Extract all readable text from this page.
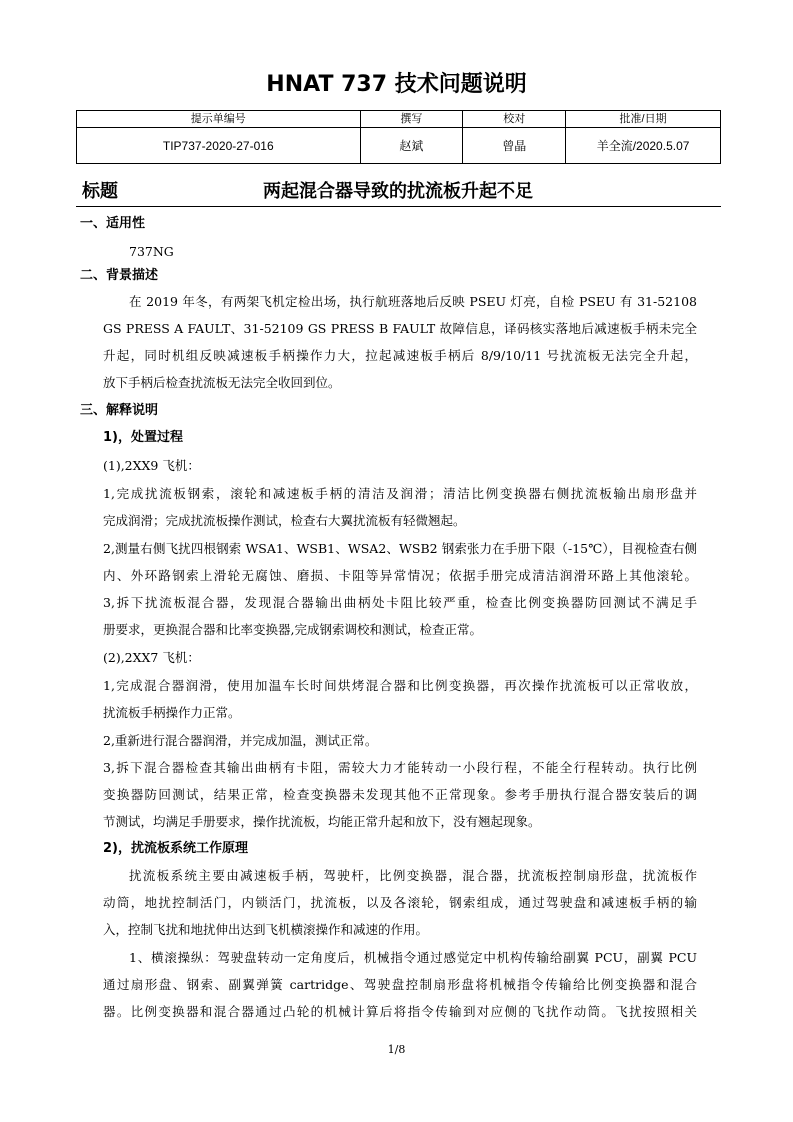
HNAT 737 技术问题说明
提示单编号	撰写	校对	批准/日期
TIP737-2020-27-016	赵斌	曾晶	羊全流/2020.5.07
标题	两起混合器导致的扰流板升起不足
一、适用性
737NG
二、背景描述
在 2019 年冬，有两架飞机定检出场，执行航班落地后反映 PSEU 灯亮，自检 PSEU 有 31-52108
GS PRESS A FAULT、31-52109 GS PRESS B FAULT 故障信息，译码核实落地后减速板手柄未完全
升起，同时机组反映减速板手柄操作力大，拉起减速板手柄后 8/9/10/11 号扰流板无法完全升起，
放下手柄后检查扰流板无法完全收回到位。
三、解释说明
1)，处置过程
(1),2XX9 飞机：
1,完成扰流板钢索，滚轮和减速板手柄的清洁及润滑；清洁比例变换器右侧扰流板输出扇形盘并
完成润滑；完成扰流板操作测试，检查右大翼扰流板有轻微翘起。
2,测量右侧飞扰四根钢索 WSA1、WSB1、WSA2、WSB2 钢索张力在手册下限（-15℃），目视检查右侧
内、外环路钢索上滑轮无腐蚀、磨损、卡阻等异常情况；依据手册完成清洁润滑环路上其他滚轮。
3,拆下扰流板混合器，发现混合器输出曲柄处卡阻比较严重，检查比例变换器防回测试不满足手
册要求，更换混合器和比率变换器,完成钢索调校和测试，检查正常。
(2),2XX7 飞机：
1,完成混合器润滑，使用加温车长时间烘烤混合器和比例变换器，再次操作扰流板可以正常收放，
扰流板手柄操作力正常。
2,重新进行混合器润滑，并完成加温，测试正常。
3,拆下混合器检查其输出曲柄有卡阻，需较大力才能转动一小段行程，不能全行程转动。执行比例
变换器防回测试，结果正常，检查变换器未发现其他不正常现象。参考手册执行混合器安装后的调
节测试，均满足手册要求，操作扰流板，均能正常升起和放下，没有翘起现象。
2)，扰流板系统工作原理
扰流板系统主要由减速板手柄，驾驶杆，比例变换器，混合器，扰流板控制扇形盘，扰流板作
动筒，地扰控制活门，内锁活门，扰流板，以及各滚轮，钢索组成，通过驾驶盘和减速板手柄的输
入，控制飞扰和地扰伸出达到飞机横滚操作和减速的作用。
1、横滚操纵：驾驶盘转动一定角度后，机械指令通过感觉定中机构传输给副翼 PCU，副翼 PCU
通过扇形盘、钢索、副翼弹簧 cartridge、驾驶盘控制扇形盘将机械指令传输给比例变换器和混合
器。比例变换器和混合器通过凸轮的机械计算后将指令传输到对应侧的飞扰作动筒。飞扰按照相关
1/8
